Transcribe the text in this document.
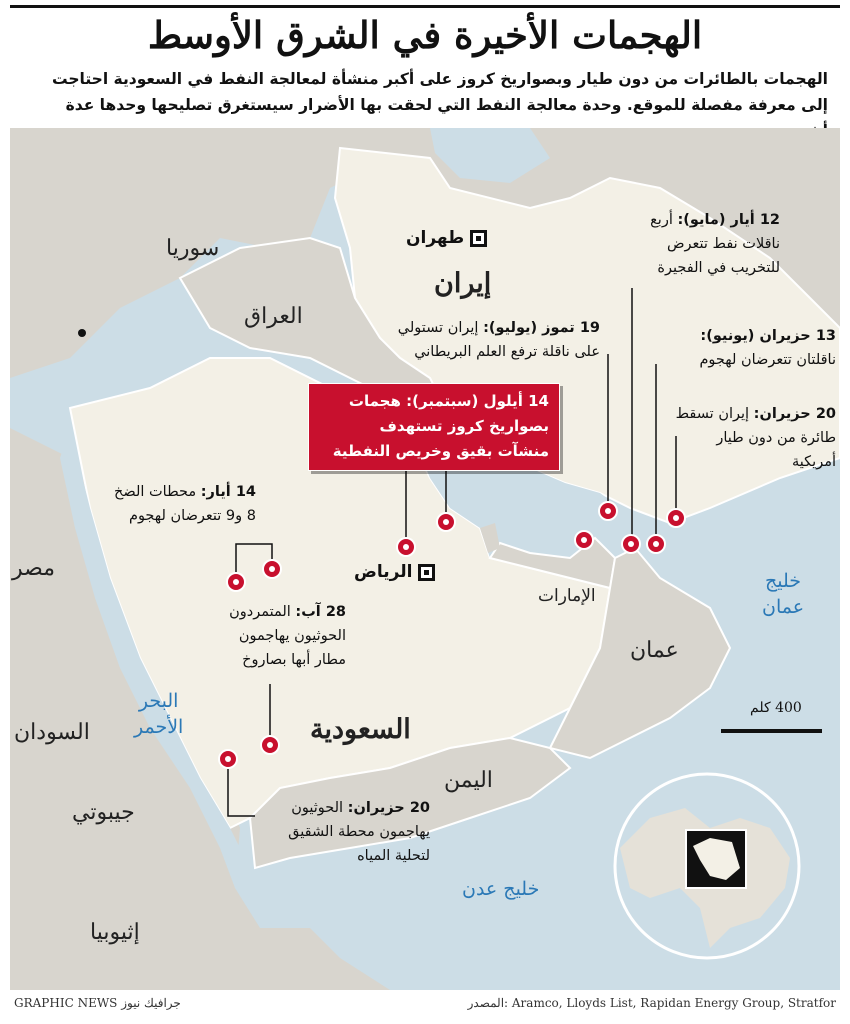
الهجمات الأخيرة في الشرق الأوسط
الهجمات بالطائرات من دون طيار وبصواريخ كروز على أكبر منشأة لمعالجة النفط في السعودية احتاجت
إلى معرفة مفصلة للموقع. وحدة معالجة النفط التي لحقت بها الأضرار سيستغرق تصليحها وحدها عدة
سوريا
العراق
إيران
مصر
السودان
جيبوتي
إثيوبيا
السعودية
اليمن
عمان
الإمارات
البحر
الأحمر
خليج
عمان
خليج عدن
طهران
الرياض
14 أيلول (سبتمبر): هجمات
بصواريخ كروز تستهدف
منشآت بقيق وخريص النفطية
12 أيار (مايو): أربع
ناقلات نفط تتعرض
للتخريب في الفجيرة
19 تموز (يوليو): إيران تستولي
على ناقلة ترفع العلم البريطاني
13 حزيران (يونيو):
ناقلتان تتعرضان لهجوم
20 حزيران: إيران تسقط
طائرة من دون طيار
أمريكية
14 أيار: محطات الضخ
8 و9 تتعرضان لهجوم
28 آب: المتمردون
الحوثيون يهاجمون
مطار أبها بصاروخ
20 حزيران: الحوثيون
يهاجمون محطة الشقيق
لتحلية المياه
400 كلم
GRAPHIC NEWS جرافيك نيوز	المصدر: Aramco, Lloyds List, Rapidan Energy Group, Stratfor
